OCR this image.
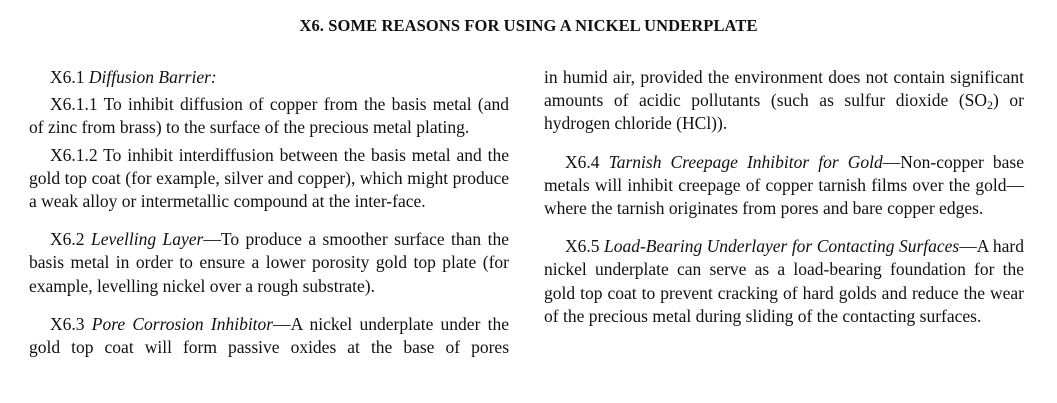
X6. SOME REASONS FOR USING A NICKEL UNDERPLATE

X6.1 Diffusion Barrier:

X6.1.1 To inhibit diffusion of copper from the basis metal (and of zinc from brass) to the surface of the precious metal plating.

X6.1.2 To inhibit interdiffusion between the basis metal and the gold top coat (for example, silver and copper), which might produce a weak alloy or intermetallic compound at the inter-face.

X6.2 Levelling Layer—To produce a smoother surface than the basis metal in order to ensure a lower porosity gold top plate (for example, levelling nickel over a rough substrate).

X6.3 Pore Corrosion Inhibitor—A nickel underplate under the gold top coat will form passive oxides at the base of pores

in humid air, provided the environment does not contain significant amounts of acidic pollutants (such as sulfur dioxide $(SO_2)$ or hydrogen chloride (HCl)).

X6.4 Tarnish Creepage Inhibitor for Gold—Non-copper base metals will inhibit creepage of copper tarnish films over the gold—where the tarnish originates from pores and bare copper edges.

X6.5 Load-Bearing Underlayer for Contacting Surfaces—A hard nickel underplate can serve as a load-bearing foundation for the gold top coat to prevent cracking of hard golds and reduce the wear of the precious metal during sliding of the contacting surfaces.
